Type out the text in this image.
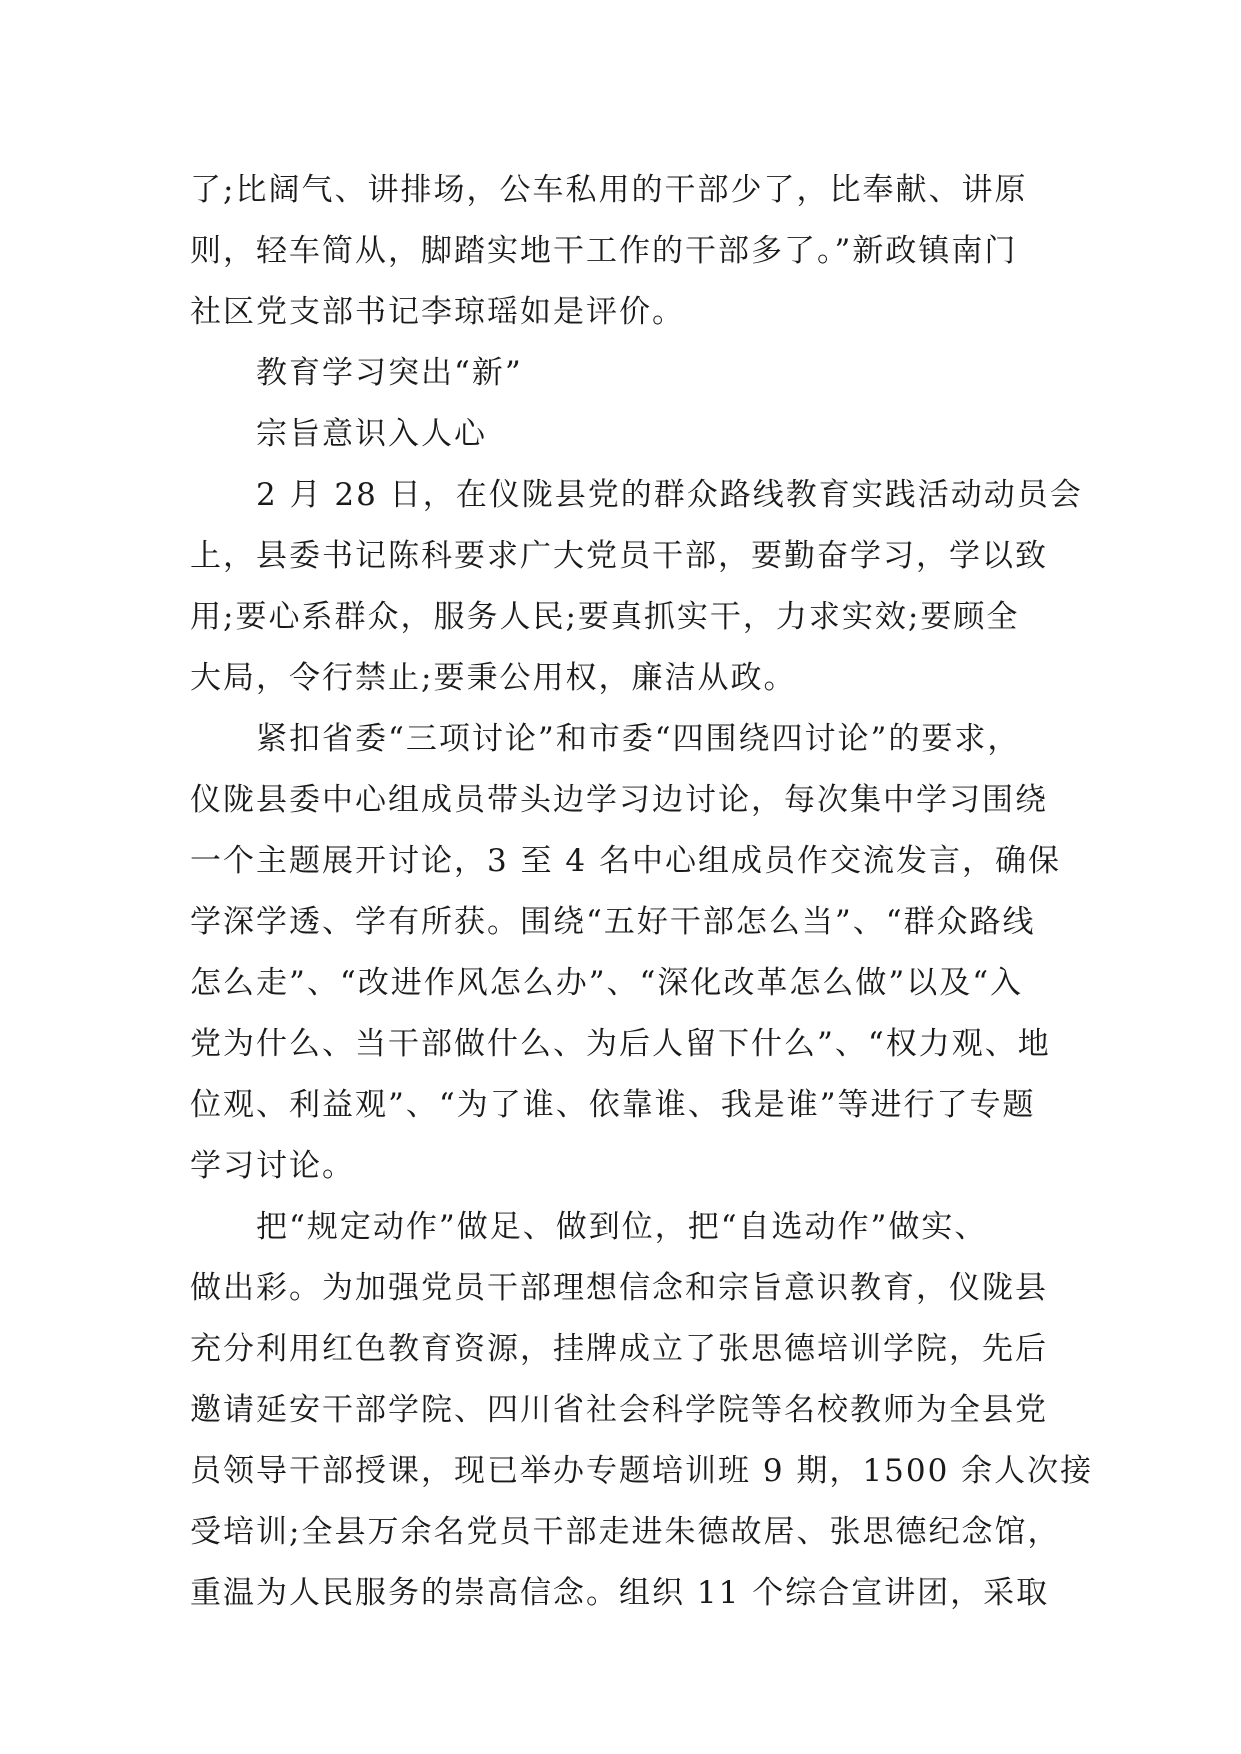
了;比阔气、讲排场，公车私用的干部少了，比奉献、讲原
则，轻车简从，脚踏实地干工作的干部多了。”新政镇南门
社区党支部书记李琼瑶如是评价。
　　教育学习突出“新”
　　宗旨意识入人心
　　2 月 28 日，在仪陇县党的群众路线教育实践活动动员会
上，县委书记陈科要求广大党员干部，要勤奋学习，学以致
用;要心系群众，服务人民;要真抓实干，力求实效;要顾全
大局，令行禁止;要秉公用权，廉洁从政。
　　紧扣省委“三项讨论”和市委“四围绕四讨论”的要求，
仪陇县委中心组成员带头边学习边讨论，每次集中学习围绕
一个主题展开讨论，3 至 4 名中心组成员作交流发言，确保
学深学透、学有所获。围绕“五好干部怎么当”、“群众路线
怎么走”、“改进作风怎么办”、“深化改革怎么做”以及“入
党为什么、当干部做什么、为后人留下什么”、“权力观、地
位观、利益观”、“为了谁、依靠谁、我是谁”等进行了专题
学习讨论。
　　把“规定动作”做足、做到位，把“自选动作”做实、
做出彩。为加强党员干部理想信念和宗旨意识教育，仪陇县
充分利用红色教育资源，挂牌成立了张思德培训学院，先后
邀请延安干部学院、四川省社会科学院等名校教师为全县党
员领导干部授课，现已举办专题培训班 9 期，1500 余人次接
受培训;全县万余名党员干部走进朱德故居、张思德纪念馆，
重温为人民服务的崇高信念。组织 11 个综合宣讲团，采取
